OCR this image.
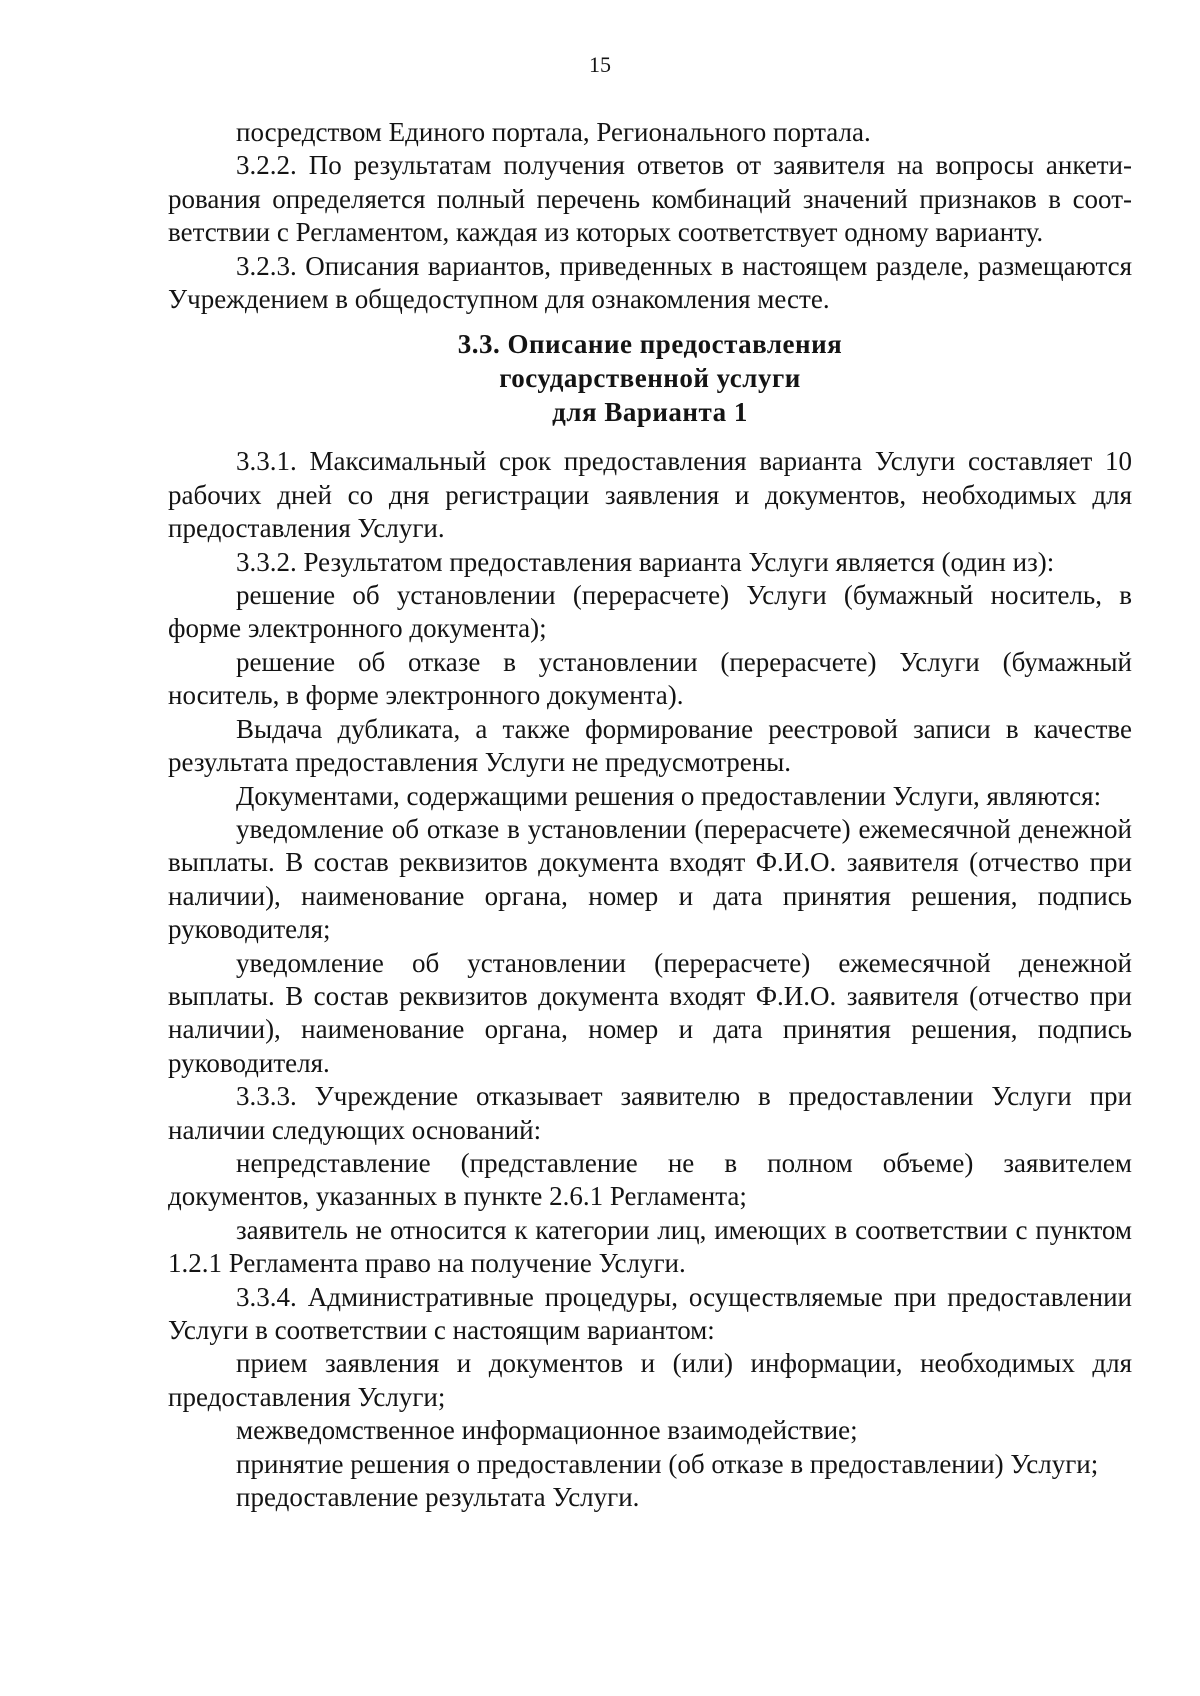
15

посредством Единого портала, Регионального портала.

3.2.2. По результатам получения ответов от заявителя на вопросы анкетирования определяется полный перечень комбинаций значений признаков в соответствии с Регламентом, каждая из которых соответствует одному варианту.

3.2.3. Описания вариантов, приведенных в настоящем разделе, размещаются Учреждением в общедоступном для ознакомления месте.

3.3. Описание предоставления
государственной услуги
для Варианта 1

3.3.1. Максимальный срок предоставления варианта Услуги составляет 10 рабочих дней со дня регистрации заявления и документов, необходимых для предоставления Услуги.

3.3.2. Результатом предоставления варианта Услуги является (один из):

решение об установлении (перерасчете) Услуги (бумажный носитель, в форме электронного документа);

решение об отказе в установлении (перерасчете) Услуги (бумажный носитель, в форме электронного документа).

Выдача дубликата, а также формирование реестровой записи в качестве результата предоставления Услуги не предусмотрены.

Документами, содержащими решения о предоставлении Услуги, являются:

уведомление об отказе в установлении (перерасчете) ежемесячной денежной выплаты. В состав реквизитов документа входят Ф.И.О. заявителя (отчество при наличии), наименование органа, номер и дата принятия решения, подпись руководителя;

уведомление об установлении (перерасчете) ежемесячной денежной выплаты. В состав реквизитов документа входят Ф.И.О. заявителя (отчество при наличии), наименование органа, номер и дата принятия решения, подпись руководителя.

3.3.3. Учреждение отказывает заявителю в предоставлении Услуги при наличии следующих оснований:

непредставление (представление не в полном объеме) заявителем документов, указанных в пункте 2.6.1 Регламента;

заявитель не относится к категории лиц, имеющих в соответствии с пунктом 1.2.1 Регламента право на получение Услуги.

3.3.4. Административные процедуры, осуществляемые при предоставлении Услуги в соответствии с настоящим вариантом:

прием заявления и документов и (или) информации, необходимых для предоставления Услуги;

межведомственное информационное взаимодействие;

принятие решения о предоставлении (об отказе в предоставлении) Услуги;

предоставление результата Услуги.
